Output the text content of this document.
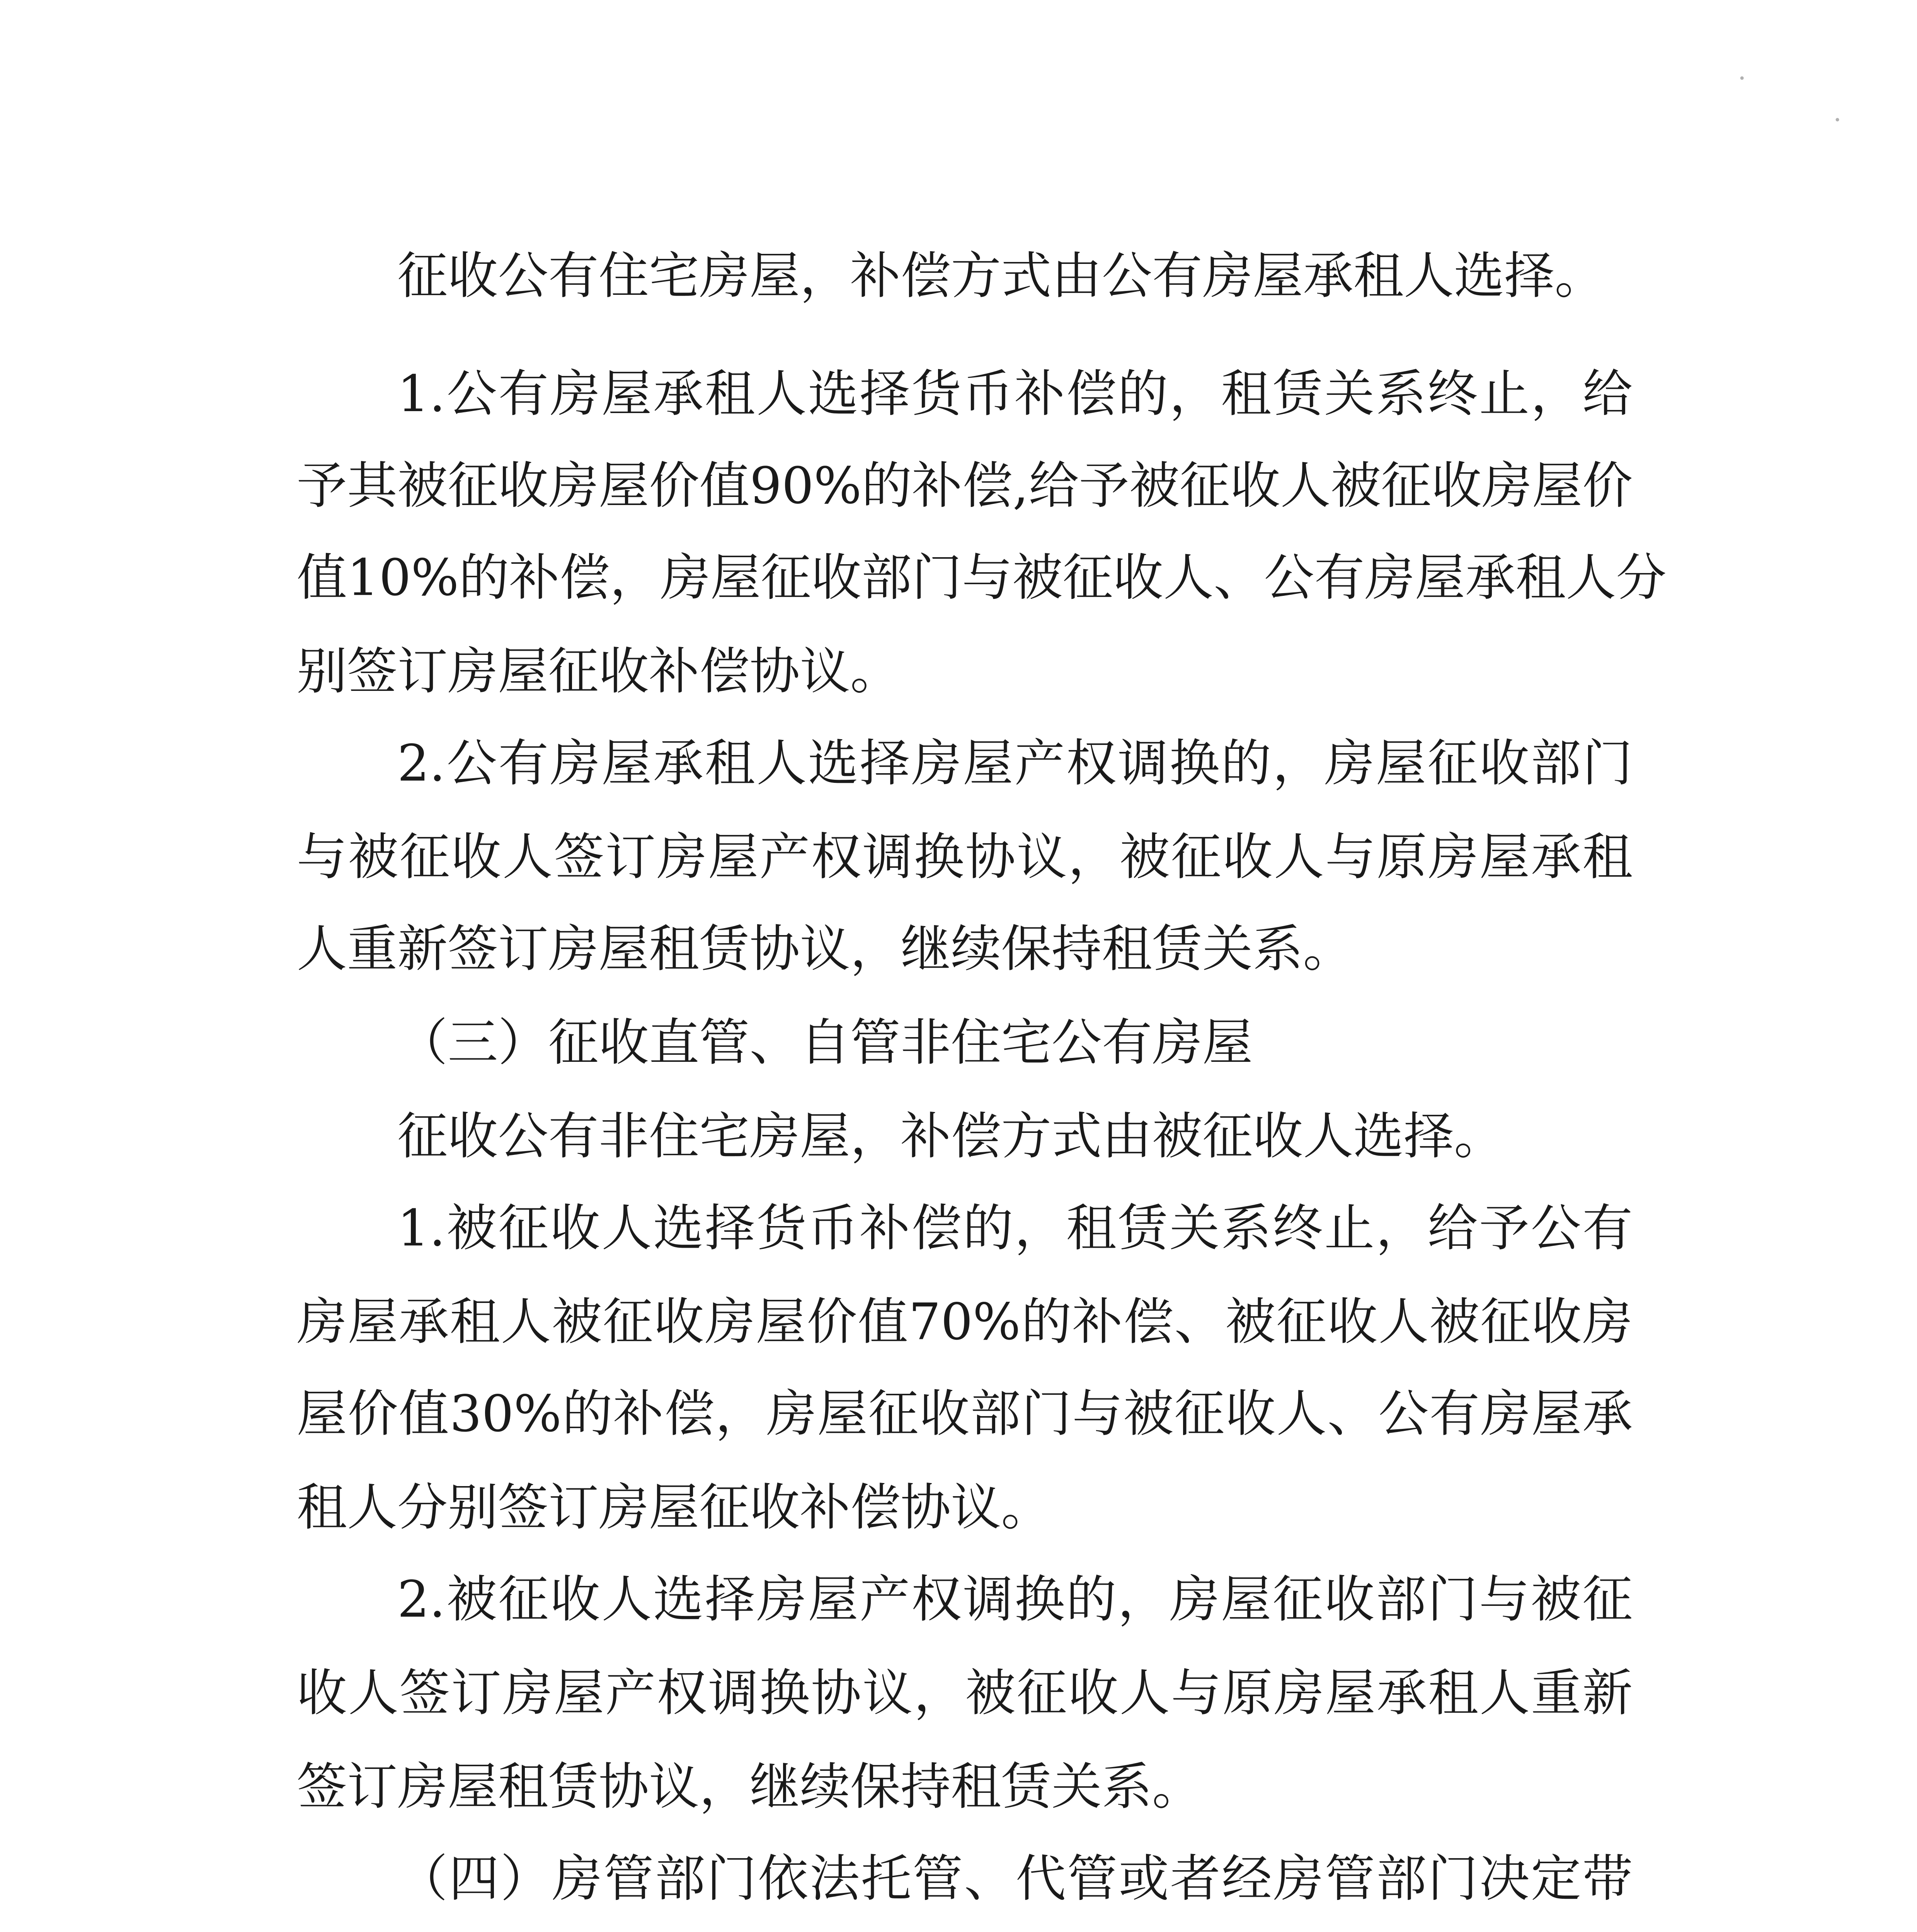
征收公有住宅房屋，补偿方式由公有房屋承租人选择。
1.公有房屋承租人选择货币补偿的，租赁关系终止，给
予其被征收房屋价值90%的补偿,给予被征收人被征收房屋价
值10%的补偿，房屋征收部门与被征收人、公有房屋承租人分
别签订房屋征收补偿协议。
2.公有房屋承租人选择房屋产权调换的，房屋征收部门
与被征收人签订房屋产权调换协议，被征收人与原房屋承租
人重新签订房屋租赁协议，继续保持租赁关系。
（三）征收直管、自管非住宅公有房屋
征收公有非住宅房屋，补偿方式由被征收人选择。
1.被征收人选择货币补偿的，租赁关系终止，给予公有
房屋承租人被征收房屋价值70%的补偿、被征收人被征收房
屋价值30%的补偿，房屋征收部门与被征收人、公有房屋承
租人分别签订房屋征收补偿协议。
2.被征收人选择房屋产权调换的，房屋征收部门与被征
收人签订房屋产权调换协议，被征收人与原房屋承租人重新
签订房屋租赁协议，继续保持租赁关系。
（四）房管部门依法托管、代管或者经房管部门决定带
